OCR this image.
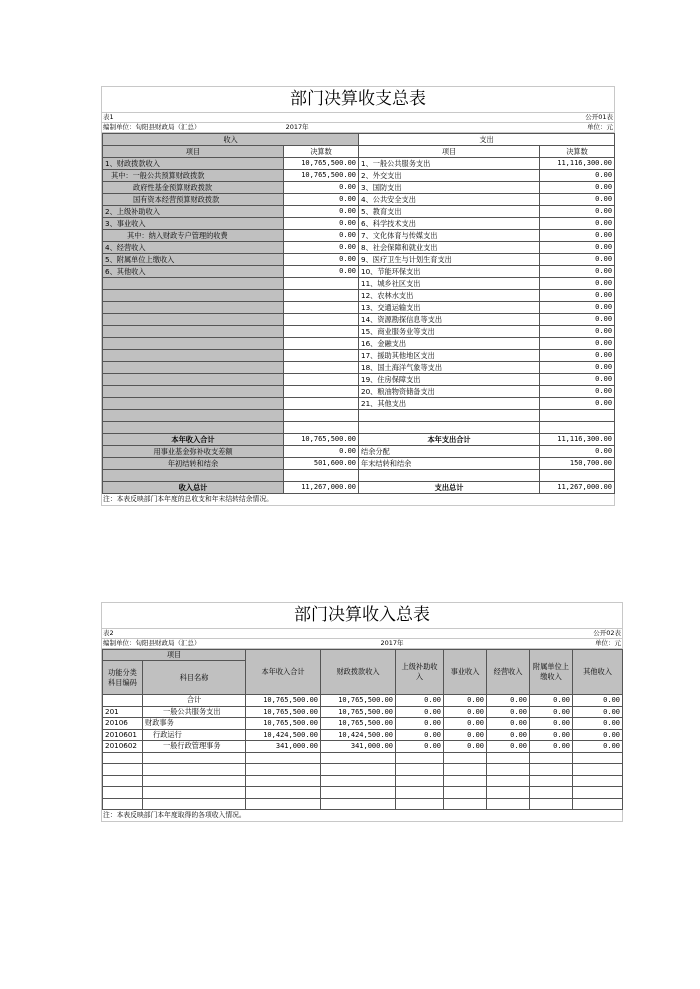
部门决算收支总表
表1	公开01表
编制单位：旬阳县财政局（汇总）	2017年	单位：元
收入		支出	
项目	决算数	项目	决算数
1、财政拨款收入	10,765,500.00	1、一般公共服务支出	11,116,300.00
其中：一般公共预算财政拨款	10,765,500.00	2、外交支出	0.00
政府性基金预算财政拨款	0.00	3、国防支出	0.00
国有资本经营预算财政拨款	0.00	4、公共安全支出	0.00
2、上级补助收入	0.00	5、教育支出	0.00
3、事业收入	0.00	6、科学技术支出	0.00
其中：纳入财政专户管理的收费	0.00	7、文化体育与传媒支出	0.00
4、经营收入	0.00	8、社会保障和就业支出	0.00
5、附属单位上缴收入	0.00	9、医疗卫生与计划生育支出	0.00
6、其他收入	0.00	10、节能环保支出	0.00
		11、城乡社区支出	0.00
		12、农林水支出	0.00
		13、交通运输支出	0.00
		14、资源勘探信息等支出	0.00
		15、商业服务业等支出	0.00
		16、金融支出	0.00
		17、援助其他地区支出	0.00
		18、国土海洋气象等支出	0.00
		19、住房保障支出	0.00
		20、粮油物资储备支出	0.00
		21、其他支出	0.00

本年收入合计	10,765,500.00	本年支出合计	11,116,300.00
用事业基金弥补收支差额	0.00	结余分配	0.00
年初结转和结余	501,600.00	年末结转和结余	150,700.00

收入总计	11,267,000.00	支出总计	11,267,000.00
注：本表反映部门本年度的总收支和年末结转结余情况。
部门决算收入总表
表2	公开02表
编制单位：旬阳县财政局（汇总）	2017年	单位：元
项目		本年收入合计	财政拨款收入	上级补助收入	事业收入	经营收入	附属单位上缴收入	其他收入
功能分类科目编码	科目名称							
	合计	10,765,500.00	10,765,500.00	0.00	0.00	0.00	0.00	0.00
201	一般公共服务支出	10,765,500.00	10,765,500.00	0.00	0.00	0.00	0.00	0.00
20106	财政事务	10,765,500.00	10,765,500.00	0.00	0.00	0.00	0.00	0.00
2010601	行政运行	10,424,500.00	10,424,500.00	0.00	0.00	0.00	0.00	0.00
2010602	一般行政管理事务	341,000.00	341,000.00	0.00	0.00	0.00	0.00	0.00

注：本表反映部门本年度取得的各项收入情况。
